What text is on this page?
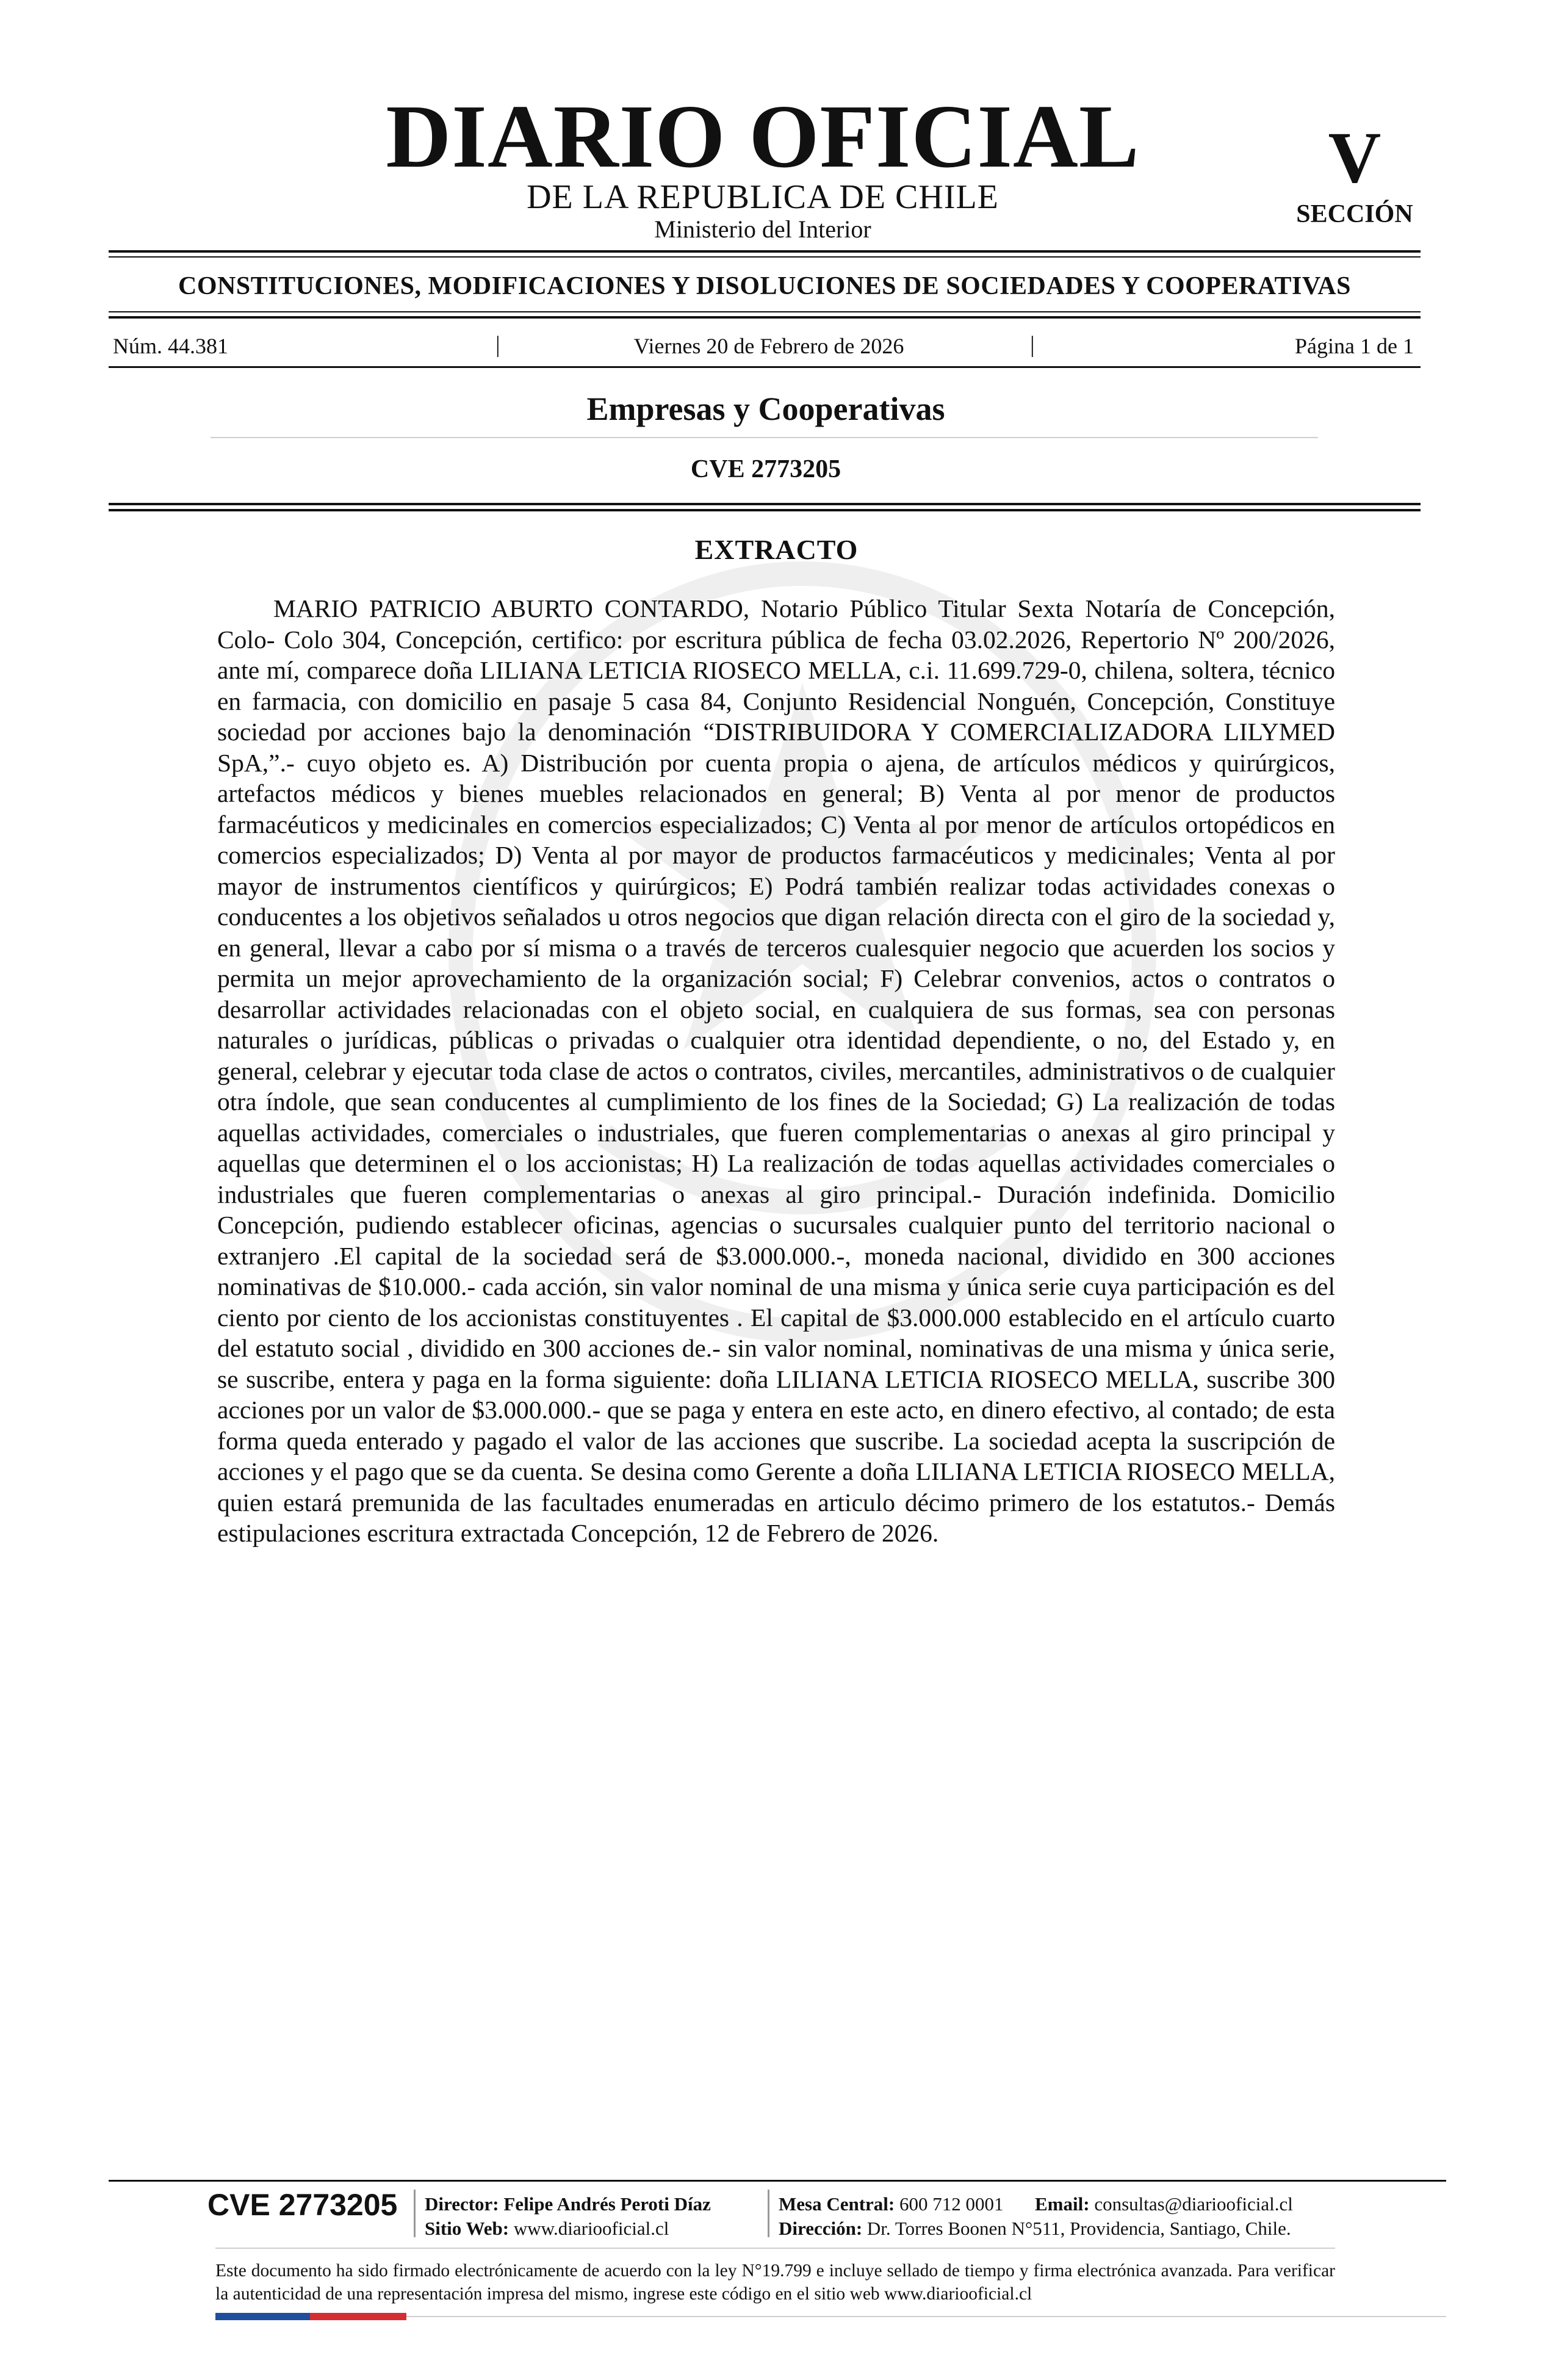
DIARIO OFICIAL
DE LA REPUBLICA DE CHILE
Ministerio del Interior
V
SECCIÓN
CONSTITUCIONES, MODIFICACIONES Y DISOLUCIONES DE SOCIEDADES Y COOPERATIVAS
Núm. 44.381	|	Viernes 20 de Febrero de 2026	|	Página 1 de 1
Empresas y Cooperativas
CVE 2773205
EXTRACTO

MARIO PATRICIO ABURTO CONTARDO, Notario Público Titular Sexta Notaría de Concepción, Colo- Colo 304, Concepción, certifico: por escritura pública de fecha 03.02.2026, Repertorio Nº 200/2026, ante mí, comparece doña LILIANA LETICIA RIOSECO MELLA, c.i. 11.699.729-0, chilena, soltera, técnico en farmacia, con domicilio en pasaje 5 casa 84, Conjunto Residencial Nonguén, Concepción, Constituye sociedad por acciones bajo la denominación “DISTRIBUIDORA Y COMERCIALIZADORA LILYMED SpA,”.- cuyo objeto es. A) Distribución por cuenta propia o ajena, de artículos médicos y quirúrgicos, artefactos médicos y bienes muebles relacionados en general; B) Venta al por menor de productos farmacéuticos y medicinales en comercios especializados; C) Venta al por menor de artículos ortopédicos en comercios especializados; D) Venta al por mayor de productos farmacéuticos y medicinales; Venta al por mayor de instrumentos científicos y quirúrgicos; E) Podrá también realizar todas actividades conexas o conducentes a los objetivos señalados u otros negocios que digan relación directa con el giro de la sociedad y, en general, llevar a cabo por sí misma o a través de terceros cualesquier negocio que acuerden los socios y permita un mejor aprovechamiento de la organización social; F) Celebrar convenios, actos o contratos o desarrollar actividades relacionadas con el objeto social, en cualquiera de sus formas, sea con personas naturales o jurídicas, públicas o privadas o cualquier otra identidad dependiente, o no, del Estado y, en general, celebrar y ejecutar toda clase de actos o contratos, civiles, mercantiles, administrativos o de cualquier otra índole, que sean conducentes al cumplimiento de los fines de la Sociedad; G) La realización de todas aquellas actividades, comerciales o industriales, que fueren complementarias o anexas al giro principal y aquellas que determinen el o los accionistas; H) La realización de todas aquellas actividades comerciales o industriales que fueren complementarias o anexas al giro principal.- Duración indefinida. Domicilio Concepción, pudiendo establecer oficinas, agencias o sucursales cualquier punto del territorio nacional o extranjero .El capital de la sociedad será de $3.000.000.-, moneda nacional, dividido en 300 acciones nominativas de $10.000.- cada acción, sin valor nominal de una misma y única serie cuya participación es del ciento por ciento de los accionistas constituyentes . El capital de $3.000.000 establecido en el artículo cuarto del estatuto social , dividido en 300 acciones de.- sin valor nominal, nominativas de una misma y única serie, se suscribe, entera y paga en la forma siguiente: doña LILIANA LETICIA RIOSECO MELLA, suscribe 300 acciones por un valor de $3.000.000.- que se paga y entera en este acto, en dinero efectivo, al contado; de esta forma queda enterado y pagado el valor de las acciones que suscribe. La sociedad acepta la suscripción de acciones y el pago que se da cuenta. Se desina como Gerente a doña LILIANA LETICIA RIOSECO MELLA, quien estará premunida de las facultades enumeradas en articulo décimo primero de los estatutos.- Demás estipulaciones escritura extractada Concepción, 12 de Febrero de 2026.

CVE 2773205 Director: Felipe Andrés Peroti Díaz
Sitio Web: www.diariooficial.cl
Mesa Central: 600 712 0001 Email: consultas@diariooficial.cl
Dirección: Dr. Torres Boonen N°511, Providencia, Santiago, Chile.
Este documento ha sido firmado electrónicamente de acuerdo con la ley N°19.799 e incluye sellado de tiempo y firma electrónica avanzada. Para verificar la autenticidad de una representación impresa del mismo, ingrese este código en el sitio web www.diariooficial.cl
